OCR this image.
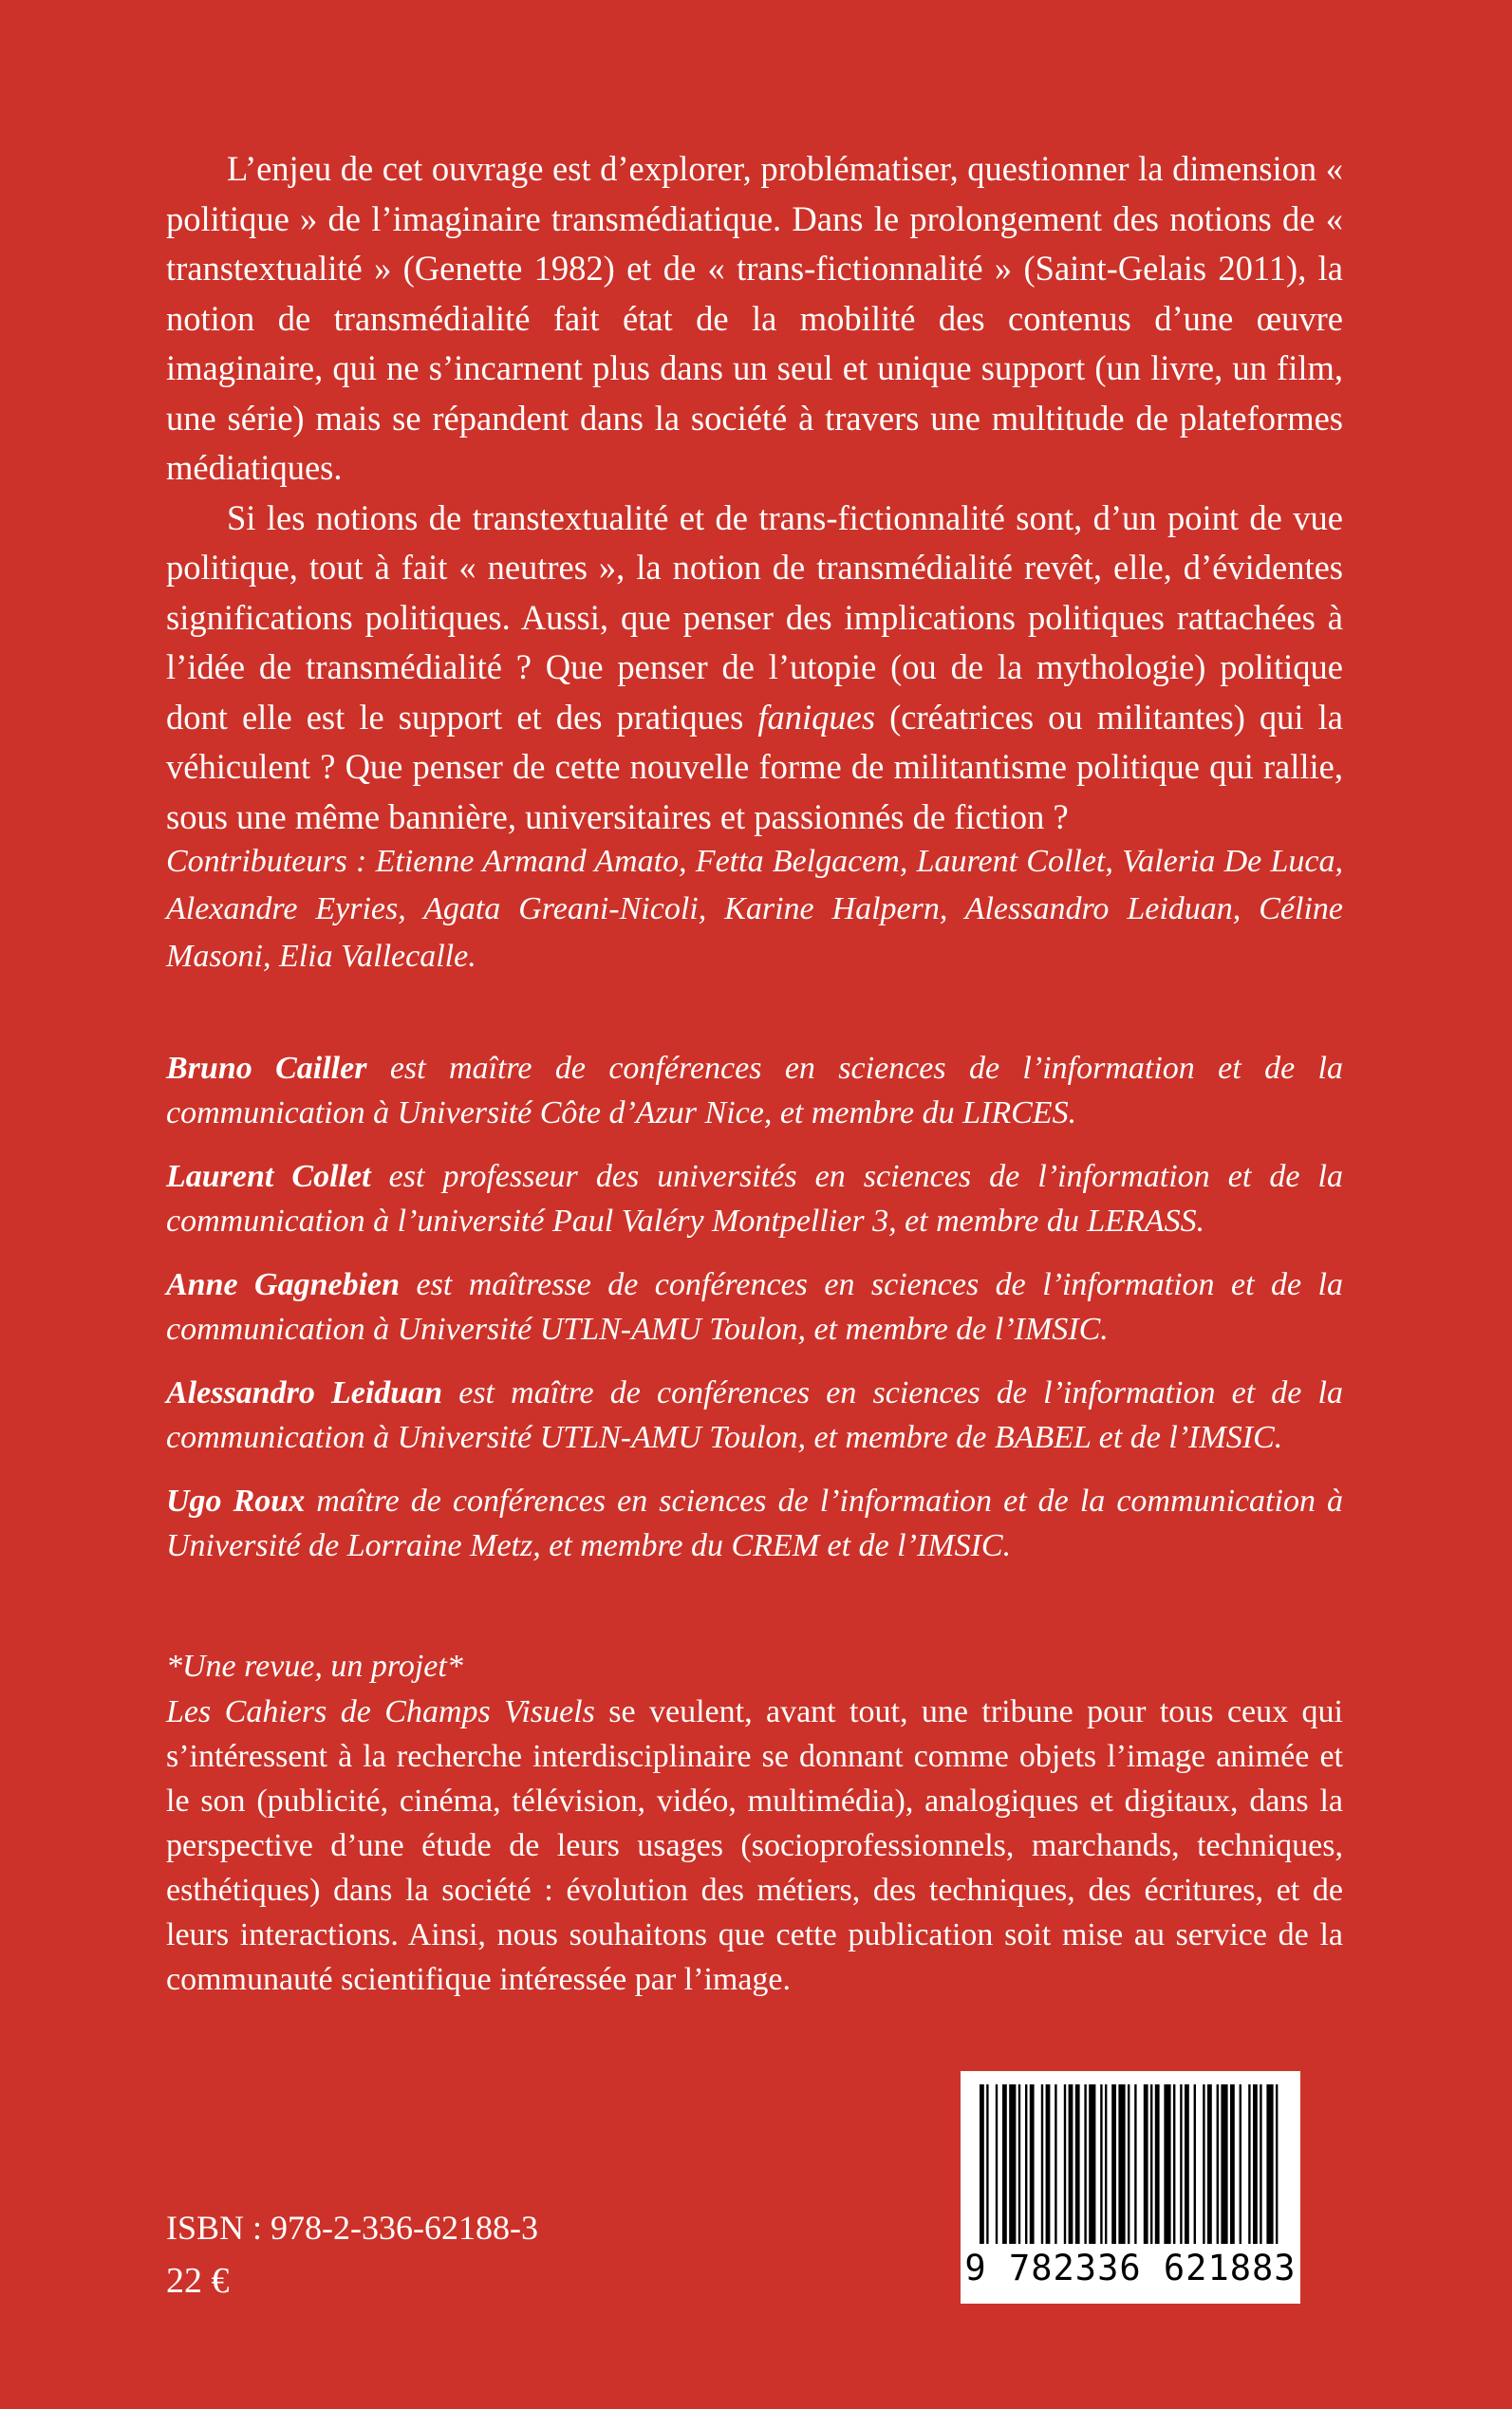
L’enjeu de cet ouvrage est d’explorer, problématiser, questionner la dimension « politique » de l’imaginaire transmédiatique. Dans le prolongement des notions de « transtextualité » (Genette 1982) et de « trans-fictionnalité » (Saint-Gelais 2011), la notion de transmédialité fait état de la mobilité des contenus d’une œuvre imaginaire, qui ne s’incarnent plus dans un seul et unique support (un livre, un film, une série) mais se répandent dans la société à travers une multitude de plateformes médiatiques.

Si les notions de transtextualité et de trans-fictionnalité sont, d’un point de vue politique, tout à fait « neutres », la notion de transmédialité revêt, elle, d’évidentes significations politiques. Aussi, que penser des implications politiques rattachées à l’idée de transmédialité ? Que penser de l’utopie (ou de la mythologie) politique dont elle est le support et des pratiques faniques (créatrices ou militantes) qui la véhiculent ? Que penser de cette nouvelle forme de militantisme politique qui rallie, sous une même bannière, universitaires et passionnés de fiction ?

Contributeurs : Etienne Armand Amato, Fetta Belgacem, Laurent Collet, Valeria De Luca, Alexandre Eyries, Agata Greani-Nicoli, Karine Halpern, Alessandro Leiduan, Céline Masoni, Elia Vallecalle.

Bruno Cailler est maître de conférences en sciences de l’information et de la communication à Université Côte d’Azur Nice, et membre du LIRCES.

Laurent Collet est professeur des universités en sciences de l’information et de la communication à l’université Paul Valéry Montpellier 3, et membre du LERASS.

Anne Gagnebien est maîtresse de conférences en sciences de l’information et de la communication à Université UTLN-AMU Toulon, et membre de l’IMSIC.

Alessandro Leiduan est maître de conférences en sciences de l’information et de la communication à Université UTLN-AMU Toulon, et membre de BABEL et de l’IMSIC.

Ugo Roux maître de conférences en sciences de l’information et de la communication à Université de Lorraine Metz, et membre du CREM et de l’IMSIC.

*Une revue, un projet*

Les Cahiers de Champs Visuels se veulent, avant tout, une tribune pour tous ceux qui s’intéressent à la recherche interdisciplinaire se donnant comme objets l’image animée et le son (publicité, cinéma, télévision, vidéo, multimédia), analogiques et digitaux, dans la perspective d’une étude de leurs usages (socioprofessionnels, marchands, techniques, esthétiques) dans la société : évolution des métiers, des techniques, des écritures, et de leurs interactions. Ainsi, nous souhaitons que cette publication soit mise au service de la communauté scientifique intéressée par l’image.

ISBN : 978-2-336-62188-3

22 €	9 782336 621883
